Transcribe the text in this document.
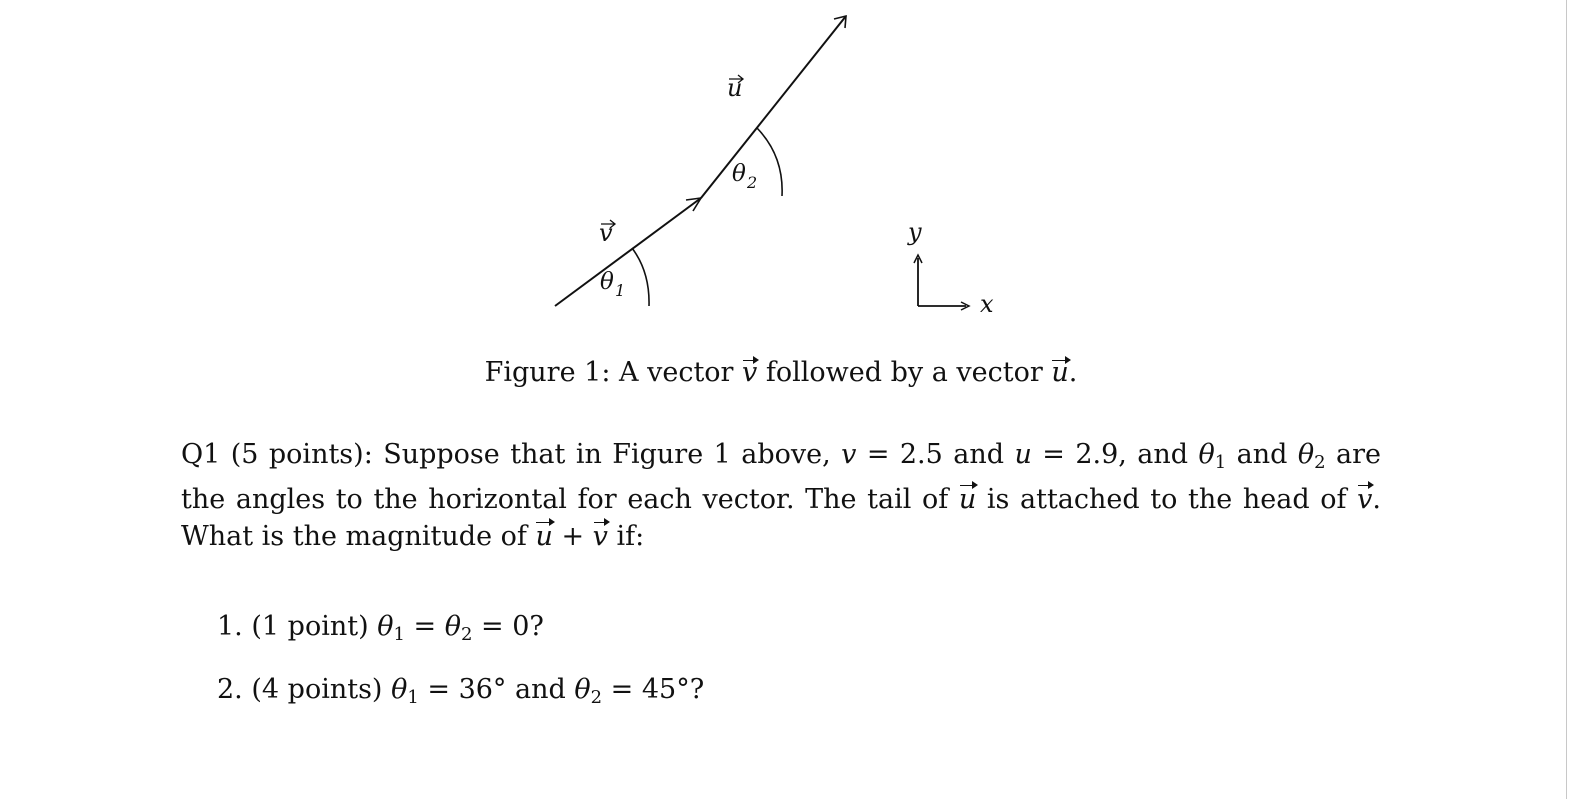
v
u
θ 1
θ 2
y
x
Figure 1: A vector v followed by a vector u.
Q1 (5 points): Suppose that in Figure 1 above, v = 2.5 and u = 2.9, and $\theta_1$ and $\theta_2$ are the angles to the horizontal for each vector. The tail of u is attached to the head of v. What is the magnitude of u + v if:
1. (1 point) $\theta_1 = \theta_2 = 0$?
2. (4 points) $\theta_1 = 36^\circ$ and $\theta_2 = 45^\circ$?
